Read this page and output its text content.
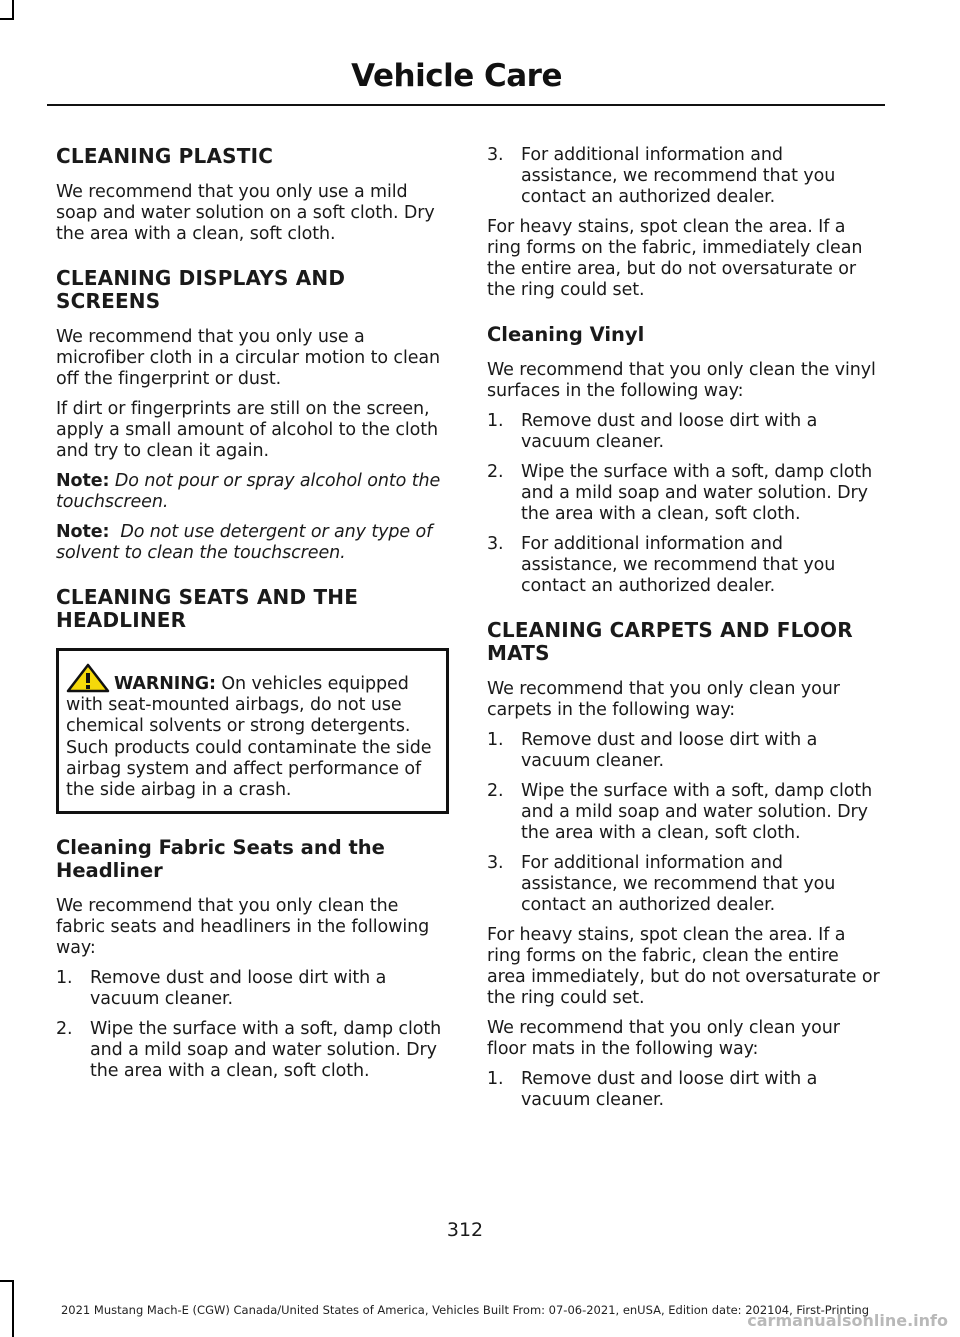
Vehicle Care
CLEANING PLASTIC

We recommend that you only use a mild soap and water solution on a soft cloth. Dry the area with a clean, soft cloth.

CLEANING DISPLAYS AND SCREENS

We recommend that you only use a microfiber cloth in a circular motion to clean off the fingerprint or dust.

If dirt or fingerprints are still on the screen, apply a small amount of alcohol to the cloth and try to clean it again.

Note: Do not pour or spray alcohol onto the touchscreen.

Note: Do not use detergent or any type of solvent to clean the touchscreen.

CLEANING SEATS AND THE HEADLINER

WARNING: On vehicles equipped with seat-mounted airbags, do not use chemical solvents or strong detergents. Such products could contaminate the side airbag system and affect performance of the side airbag in a crash.

Cleaning Fabric Seats and the Headliner

We recommend that you only clean the fabric seats and headliners in the following way:

1. Remove dust and loose dirt with a vacuum cleaner.
2. Wipe the surface with a soft, damp cloth and a mild soap and water solution. Dry the area with a clean, soft cloth.
3. For additional information and assistance, we recommend that you contact an authorized dealer.

For heavy stains, spot clean the area. If a ring forms on the fabric, immediately clean the entire area, but do not oversaturate or the ring could set.

Cleaning Vinyl

We recommend that you only clean the vinyl surfaces in the following way:

1. Remove dust and loose dirt with a vacuum cleaner.
2. Wipe the surface with a soft, damp cloth and a mild soap and water solution. Dry the area with a clean, soft cloth.
3. For additional information and assistance, we recommend that you contact an authorized dealer.
CLEANING CARPETS AND FLOOR MATS

We recommend that you only clean your carpets in the following way:

1. Remove dust and loose dirt with a vacuum cleaner.
2. Wipe the surface with a soft, damp cloth and a mild soap and water solution. Dry the area with a clean, soft cloth.
3. For additional information and assistance, we recommend that you contact an authorized dealer.

For heavy stains, spot clean the area. If a ring forms on the fabric, clean the entire area immediately, but do not oversaturate or the ring could set.

We recommend that you only clean your floor mats in the following way:

1. Remove dust and loose dirt with a vacuum cleaner.
312
2021 Mustang Mach-E (CGW) Canada/United States of America, Vehicles Built From: 07-06-2021, enUSA, Edition date: 202104, First-Printing
carmanualsonline.info
